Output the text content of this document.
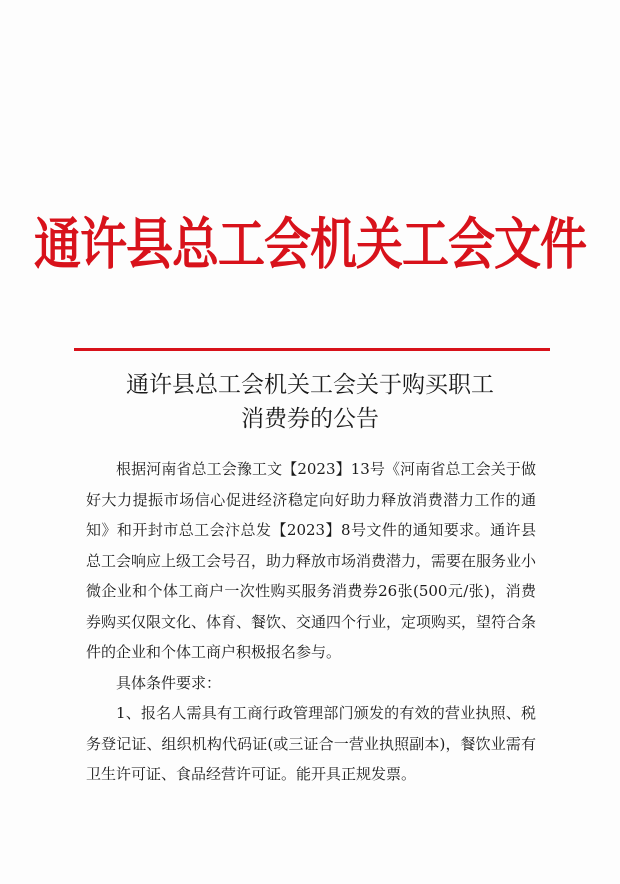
通许县总工会机关工会文件
通许县总工会机关工会关于购买职工
消费券的公告

根据河南省总工会豫工文【2023】13号《河南省总工会关于做好大力提振市场信心促进经济稳定向好助力释放消费潜力工作的通知》和开封市总工会汴总发【2023】8号文件的通知要求。通许县总工会响应上级工会号召，助力释放市场消费潜力，需要在服务业小微企业和个体工商户一次性购买服务消费券26张(500元/张)，消费券购买仅限文化、体育、餐饮、交通四个行业，定项购买，望符合条件的企业和个体工商户积极报名参与。

具体条件要求：

1、报名人需具有工商行政管理部门颁发的有效的营业执照、税务登记证、组织机构代码证(或三证合一营业执照副本)，餐饮业需有卫生许可证、食品经营许可证。能开具正规发票。
